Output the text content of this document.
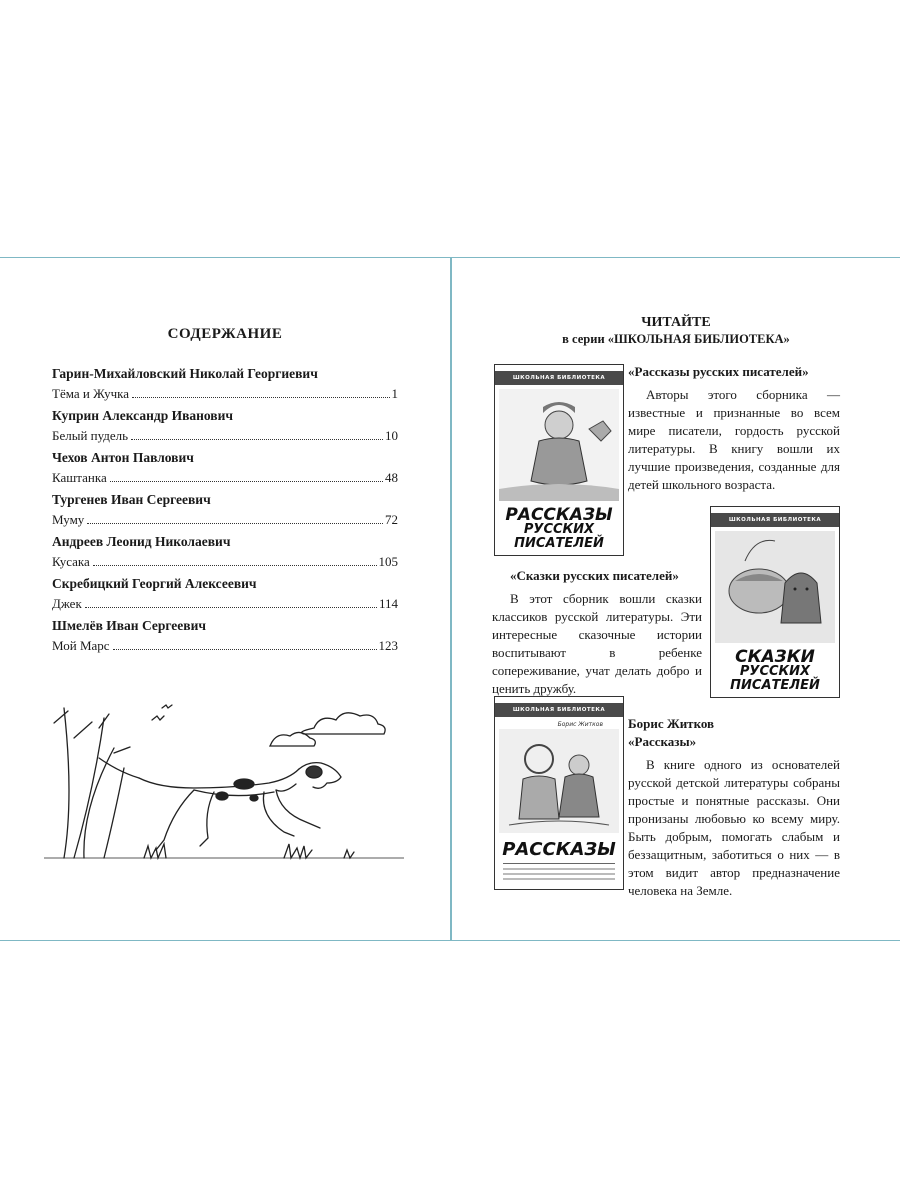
СОДЕРЖАНИЕ
Гарин-Михайловский Николай Георгиевич
Тёма и Жучка	1
Куприн Александр Иванович
Белый пудель	10
Чехов Антон Павлович
Каштанка	48
Тургенев Иван Сергеевич
Муму	72
Андреев Леонид Николаевич
Кусака	105
Скребицкий Георгий Алексеевич
Джек	114
Шмелёв Иван Сергеевич
Мой Марс	123
ЧИТАЙТЕ
в серии «ШКОЛЬНАЯ БИБЛИОТЕКА»
ШКОЛЬНАЯ БИБЛИОТЕКА
РАССКАЗЫ
РУССКИХ
ПИСАТЕЛЕЙ
«Рассказы русских писателей»

Авторы этого сборника — известные и признанные во всем мире писатели, гордость русской литературы. В книгу вошли их лучшие произведения, созданные для детей школьного возраста.

ШКОЛЬНАЯ БИБЛИОТЕКА
СКАЗКИ
РУССКИХ
ПИСАТЕЛЕЙ
«Сказки русских писателей»

В этот сборник вошли сказки классиков русской литературы. Эти интересные сказочные истории воспитывают в ребенке сопереживание, учат делать добро и ценить дружбу.

ШКОЛЬНАЯ БИБЛИОТЕКА
Борис Житков
РАССКАЗЫ
Борис Житков
«Рассказы»

В книге одного из основателей русской детской литературы собраны простые и понятные рассказы. Они пронизаны любовью ко всему миру. Быть добрым, помогать слабым и беззащитным, заботиться о них — в этом видит автор предназначение человека на Земле.
